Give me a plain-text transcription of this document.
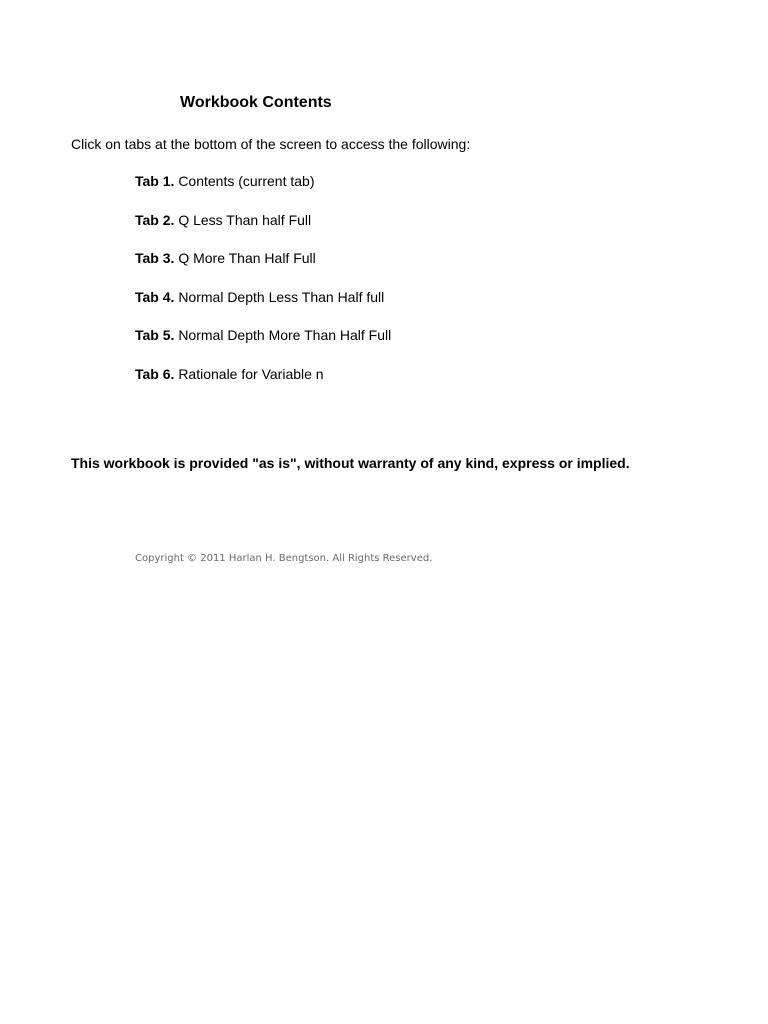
Workbook Contents

Click on tabs at the bottom of the screen to access the following:

Tab 1. Contents (current tab)
Tab 2. Q Less Than half Full
Tab 3. Q More Than Half Full
Tab 4. Normal Depth Less Than Half full
Tab 5. Normal Depth More Than Half Full
Tab 6. Rationale for Variable n

This workbook is provided "as is", without warranty of any kind, express or implied.

Copyright © 2011 Harlan H. Bengtson. All Rights Reserved.
